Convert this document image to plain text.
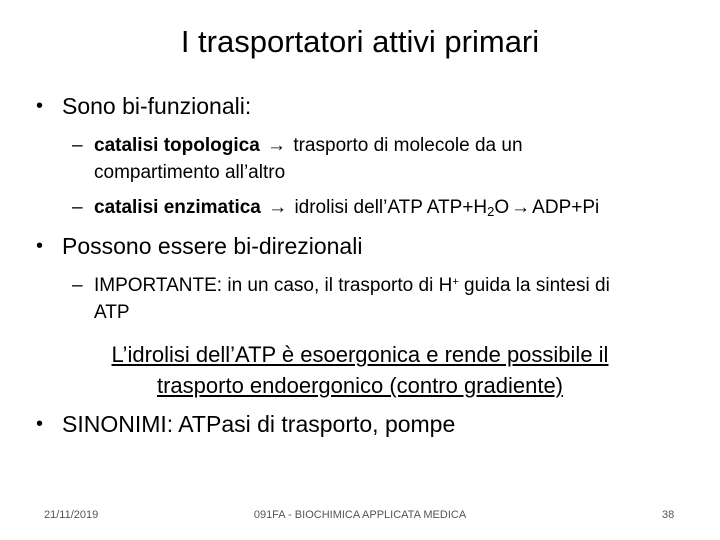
I trasportatori attivi primari
• Sono bi-funzionali:
– catalisi topologica → trasporto di molecole da un
compartimento all’altro
– catalisi enzimatica → idrolisi dell’ATP $ATP+H_2O \to ADP+Pi$
• Possono essere bi-direzionali
– IMPORTANTE: in un caso, il trasporto di H+ guida la sintesi di
ATP
L’idrolisi dell’ATP è esoergonica e rende possibile il
trasporto endoergonico (contro gradiente)
• SINONIMI: ATPasi di trasporto, pompe
21/11/2019	091FA - BIOCHIMICA APPLICATA MEDICA	38
